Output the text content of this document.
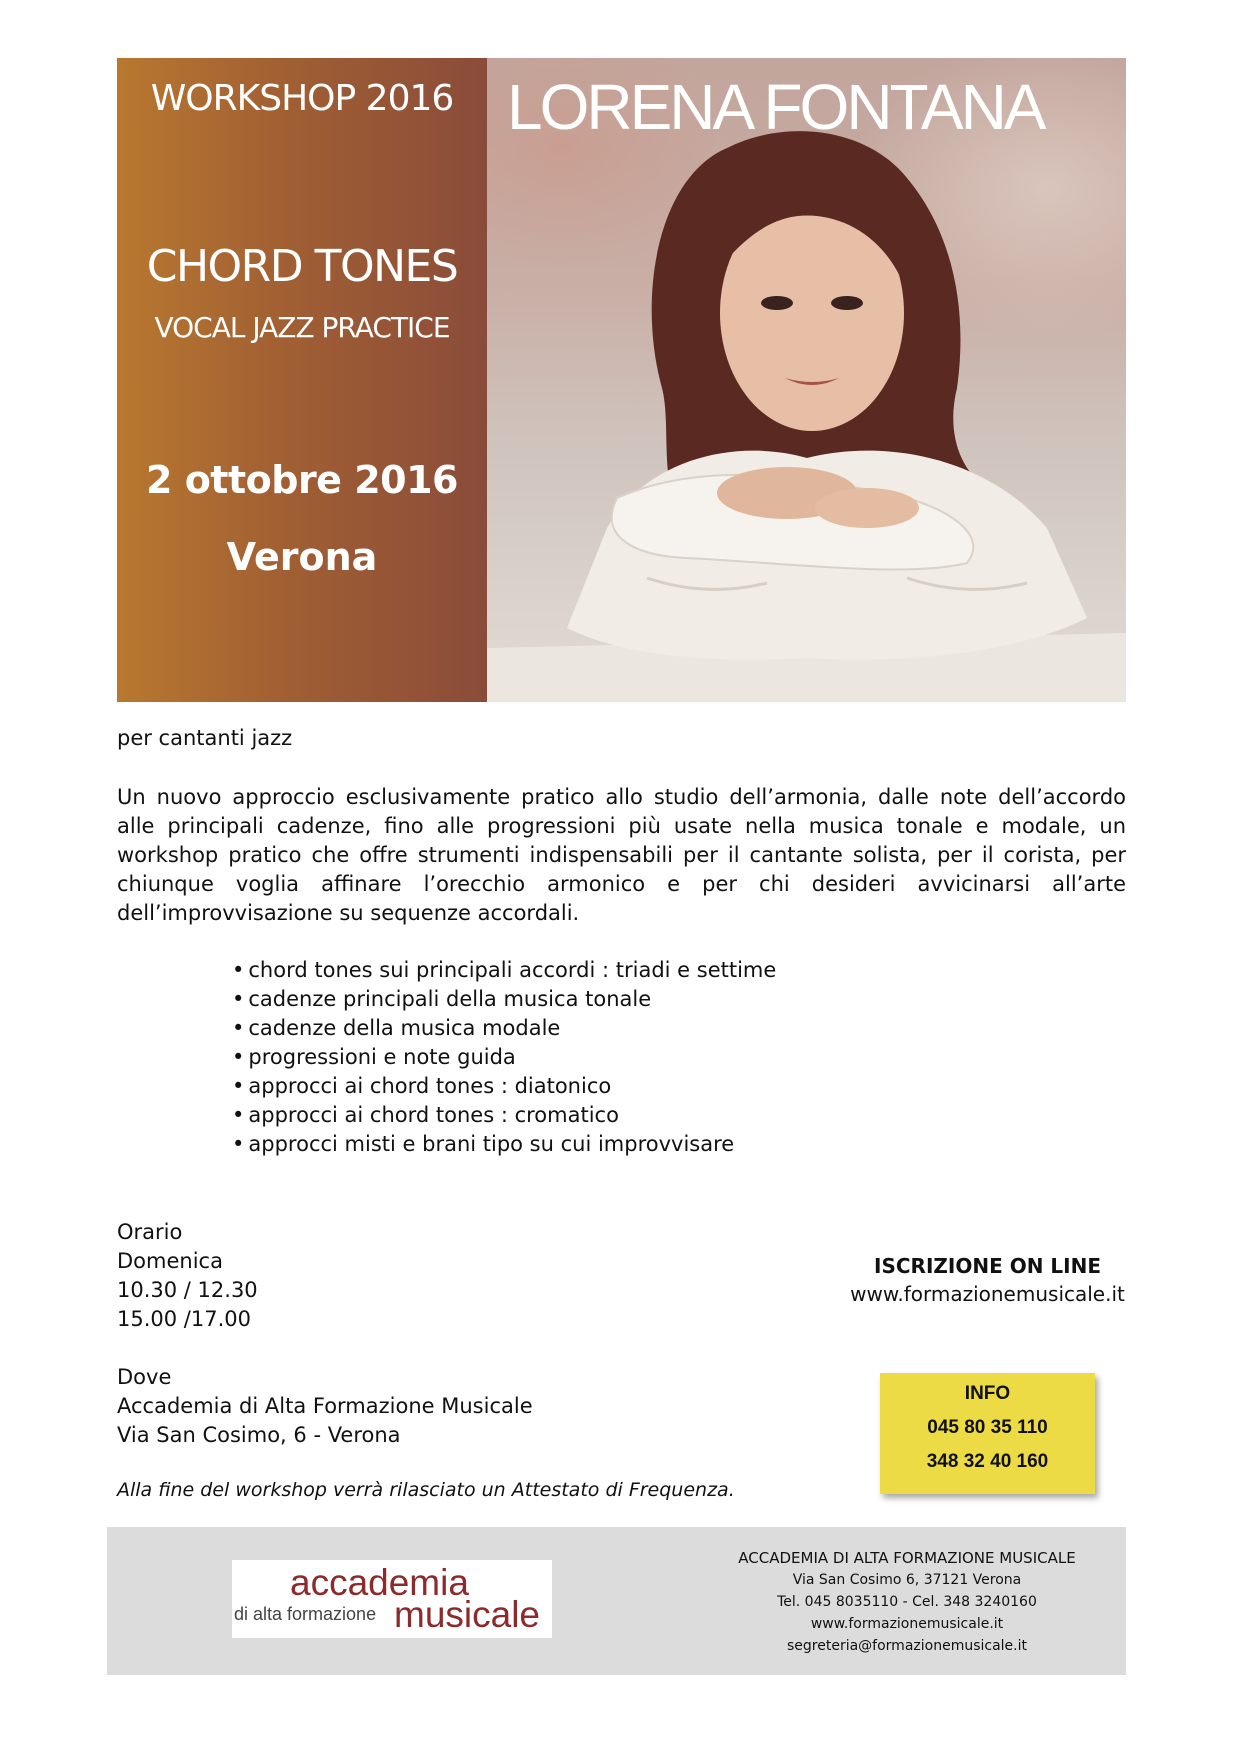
WORKSHOP 2016
CHORD TONES
VOCAL JAZZ PRACTICE
2 ottobre 2016
Verona
LORENA FONTANA

per cantanti jazz

Un nuovo approccio esclusivamente pratico allo studio dell’armonia, dalle note dell’accordo alle principali cadenze, fino alle progressioni più usate nella musica tonale e modale, un workshop pratico che offre strumenti indispensabili per il cantante solista, per il corista, per chiunque voglia affinare l’orecchio armonico e per chi desideri avvicinarsi all’arte dell’improvvisazione su sequenze accordali.

• chord tones sui principali accordi : triadi e settime
• cadenze principali della musica tonale
• cadenze della musica modale
• progressioni e note guida
• approcci ai chord tones : diatonico
• approcci ai chord tones : cromatico
• approcci misti e brani tipo su cui improvvisare
Orario
Domenica
10.30 / 12.30
15.00 /17.00
Dove
Accademia di Alta Formazione Musicale
Via San Cosimo, 6 - Verona

Alla fine del workshop verrà rilasciato un Attestato di Frequenza.

ISCRIZIONE ON LINE
www.formazionemusicale.it
INFO
045 80 35 110
348 32 40 160
accademia
di alta formazione musicale
ACCADEMIA DI ALTA FORMAZIONE MUSICALE
Via San Cosimo 6, 37121 Verona
Tel. 045 8035110 - Cel. 348 3240160
www.formazionemusicale.it
segreteria@formazionemusicale.it
